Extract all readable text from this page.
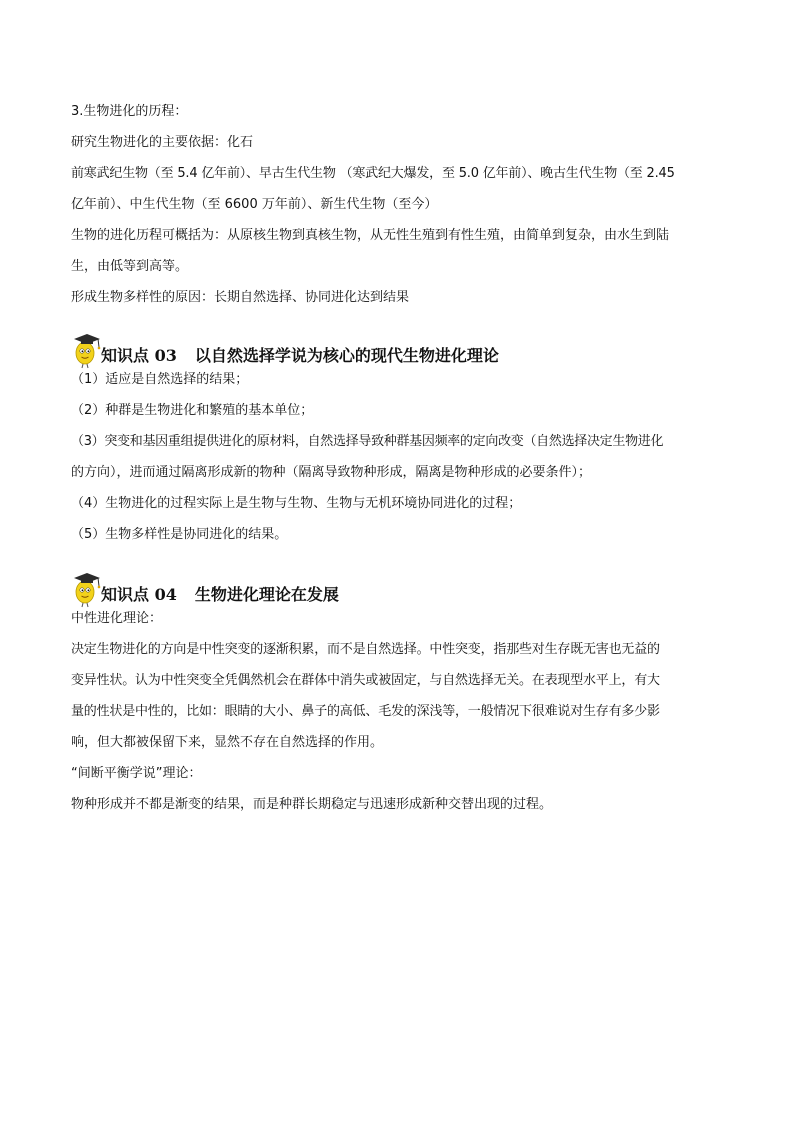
3.生物进化的历程：
研究生物进化的主要依据：化石
前寒武纪生物（至 5.4 亿年前）、早古生代生物 （寒武纪大爆发，至 5.0 亿年前）、晚古生代生物（至 2.45
亿年前）、中生代生物（至 6600 万年前）、新生代生物（至今）
生物的进化历程可概括为：从原核生物到真核生物，从无性生殖到有性生殖，由简单到复杂，由水生到陆
生，由低等到高等。
形成生物多样性的原因：长期自然选择、协同进化达到结果
知识点 03 以自然选择学说为核心的现代生物进化理论
（1）适应是自然选择的结果；
（2）种群是生物进化和繁殖的基本单位；
（3）突变和基因重组提供进化的原材料，自然选择导致种群基因频率的定向改变（自然选择决定生物进化
的方向），进而通过隔离形成新的物种（隔离导致物种形成，隔离是物种形成的必要条件）；
（4）生物进化的过程实际上是生物与生物、生物与无机环境协同进化的过程；
（5）生物多样性是协同进化的结果。
知识点 04 生物进化理论在发展
中性进化理论：
决定生物进化的方向是中性突变的逐渐积累，而不是自然选择。中性突变，指那些对生存既无害也无益的
变异性状。认为中性突变全凭偶然机会在群体中消失或被固定，与自然选择无关。在表现型水平上，有大
量的性状是中性的，比如：眼睛的大小、鼻子的高低、毛发的深浅等，一般情况下很难说对生存有多少影
响，但大都被保留下来，显然不存在自然选择的作用。
“间断平衡学说”理论：
物种形成并不都是渐变的结果，而是种群长期稳定与迅速形成新种交替出现的过程。
